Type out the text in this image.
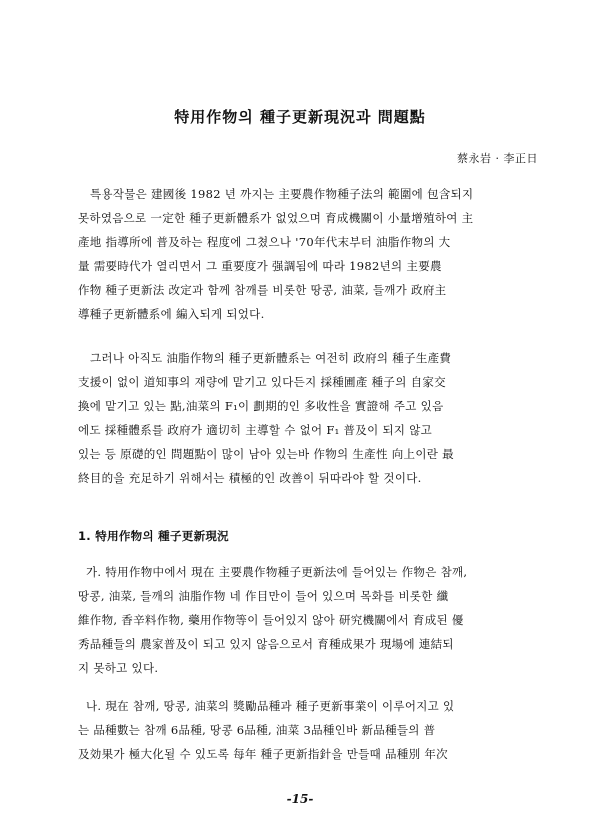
特用作物의 種子更新現況과 問題點
蔡永岩 · 李正日
특용작물은 建國後 1982 년 까지는 主要農作物種子法의 範圍에 包含되지
못하였음으로 一定한 種子更新體系가 없었으며 育成機關이 小量增殖하여 主
產地 指導所에 普及하는 程度에 그쳤으나 '70年代末부터 油脂作物의 大
量 需要時代가 열리면서 그 重要度가 强調됨에 따라 1982년의 主要農
作物 種子更新法 改定과 함께 참깨를 비롯한 땅콩, 油菜, 들깨가 政府主
導種子更新體系에 編入되게 되었다.
그러나 아직도 油脂作物의 種子更新體系는 여전히 政府의 種子生產費
支援이 없이 道知事의 재량에 맡기고 있다든지 採種圃產 種子의 自家交
換에 맡기고 있는 點,油菜의 F₁이 劃期的인 多收性을 實證해 주고 있음
에도 採種體系를 政府가 適切히 主導할 수 없어 F₁ 普及이 되지 않고
있는 등 原礎的인 問題點이 많이 남아 있는바 作物의 生產性 向上이란 最
終目的을 充足하기 위해서는 積極的인 改善이 뒤따라야 할 것이다.
1. 特用作物의 種子更新現況
가. 特用作物中에서 現在 主要農作物種子更新法에 들어있는 作物은 참깨,
땅콩, 油菜, 들깨의 油脂作物 네 作目만이 들어 있으며 목화를 비롯한 纖
維作物, 香辛料作物, 藥用作物等이 들어있지 않아 研究機關에서 育成된 優
秀品種들의 農家普及이 되고 있지 않음으로서 育種成果가 現場에 連結되
지 못하고 있다.
나. 現在 참깨, 땅콩, 油菜의 獎勵品種과 種子更新事業이 이루어지고 있
는 品種數는 참깨 6品種, 땅콩 6品種, 油菜 3品種인바 新品種들의 普
及効果가 極大化될 수 있도록 每年 種子更新指針을 만들때 品種別 年次
-15-
